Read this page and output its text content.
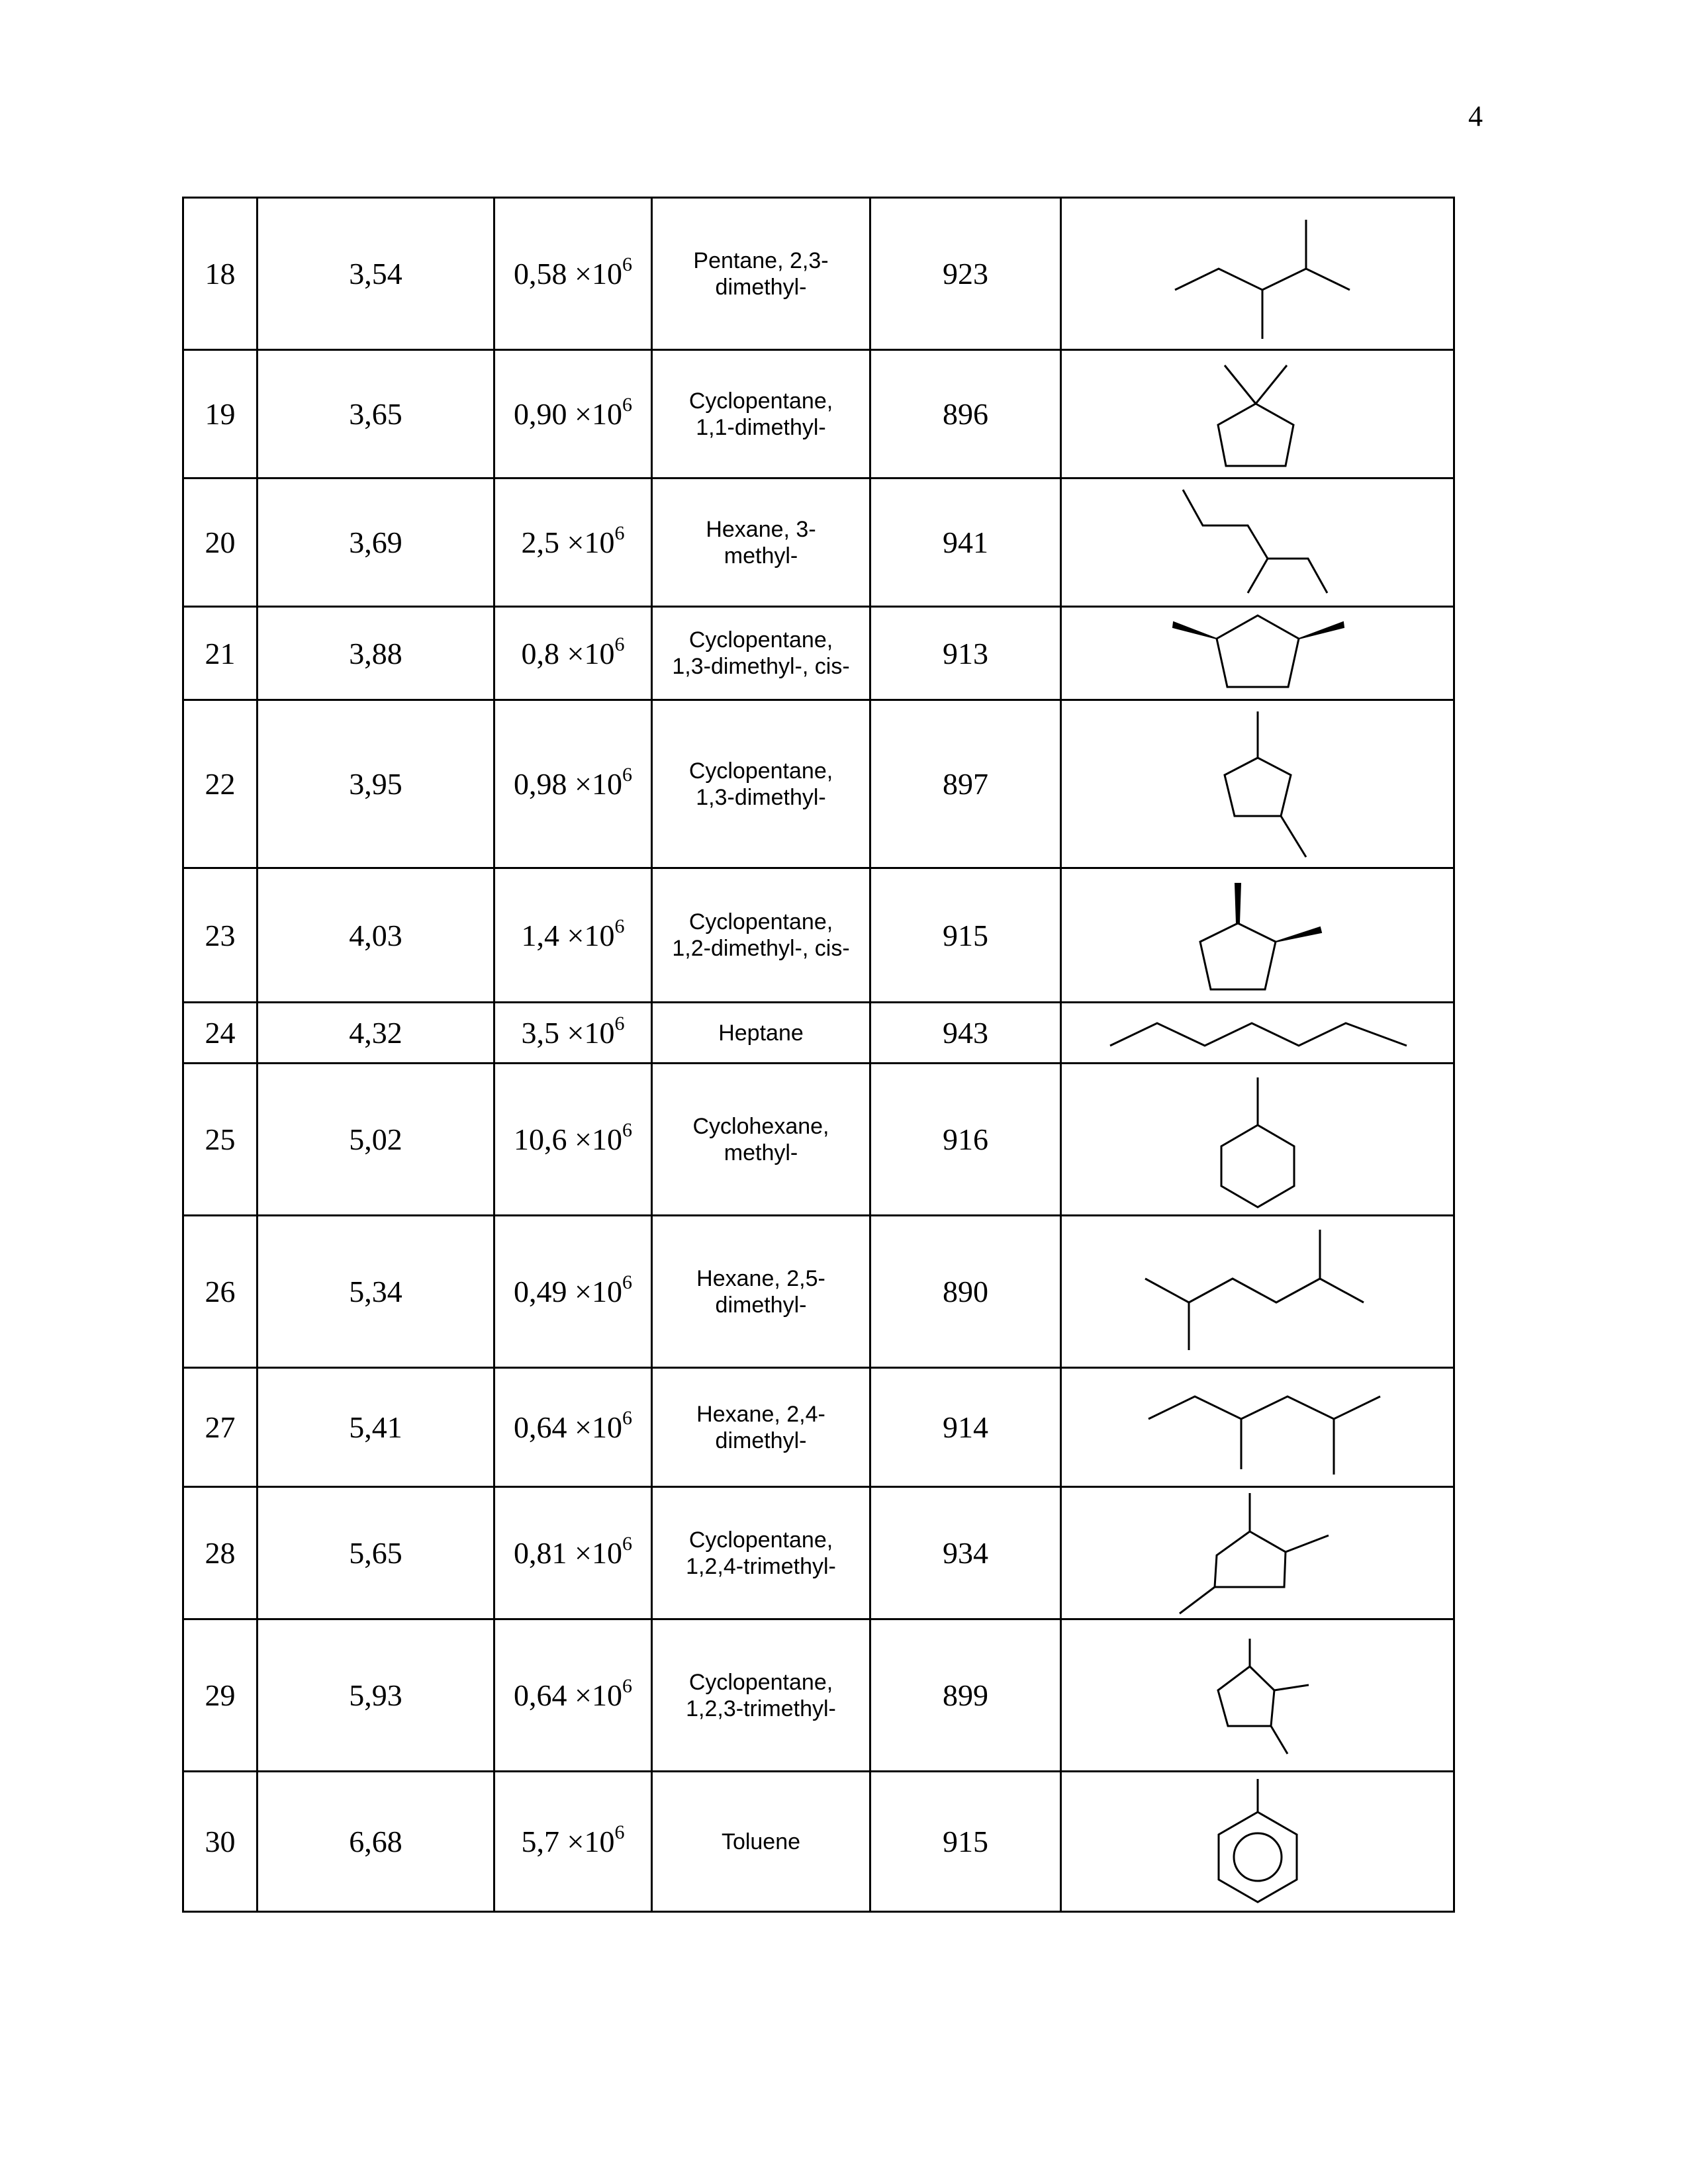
4
18	3,54	$0,58 \times 10^6$	Pentane, 2,3-
dimethyl-	923	

19	3,65	$0,90 \times 10^6$	Cyclopentane,
1,1-dimethyl-	896	

20	3,69	$2,5 \times 10^6$	Hexane, 3-
methyl-	941	

21	3,88	$0,8 \times 10^6$	Cyclopentane,
1,3-dimethyl-, cis-	913	

22	3,95	$0,98 \times 10^6$	Cyclopentane,
1,3-dimethyl-	897	

23	4,03	$1,4 \times 10^6$	Cyclopentane,
1,2-dimethyl-, cis-	915	

24	4,32	$3,5 \times 10^6$	Heptane	943	

25	5,02	$10,6 \times 10^6$	Cyclohexane,
methyl-	916	

26	5,34	$0,49 \times 10^6$	Hexane, 2,5-
dimethyl-	890	

27	5,41	$0,64 \times 10^6$	Hexane, 2,4-
dimethyl-	914	

28	5,65	$0,81 \times 10^6$	Cyclopentane,
1,2,4-trimethyl-	934	

29	5,93	$0,64 \times 10^6$	Cyclopentane,
1,2,3-trimethyl-	899	

30	6,68	$5,7 \times 10^6$	Toluene	915	
